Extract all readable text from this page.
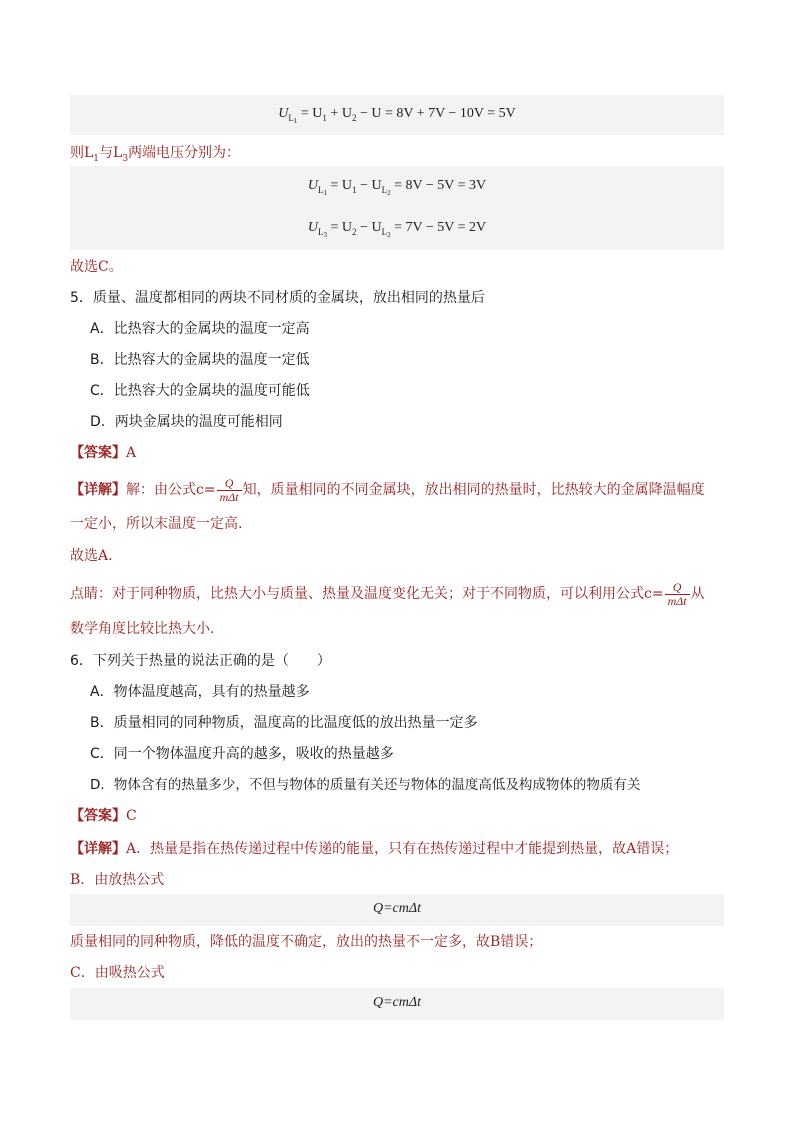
$U_{L_1} = U_1 + U_2 - U = 8V + 7V - 10V = 5V$
则$L_1$与$L_3$两端电压分别为：
$U_{L_1} = U_1 - U_{L_2} = 8V - 5V = 3V$
$U_{L_3} = U_2 - U_{L_2} = 7V - 5V = 2V$
故选C。
5．质量、温度都相同的两块不同材质的金属块，放出相同的热量后
A．比热容大的金属块的温度一定高
B．比热容大的金属块的温度一定低
C．比热容大的金属块的温度可能低
D．两块金属块的温度可能相同
【答案】A
【详解】解：由公式$c= \frac{Q}{\text{mΔt}}$ 知，质量相同的不同金属块，放出相同的热量时，比热较大的金属降温幅度
一定小，所以末温度一定高.
故选A.
点睛：对于同种物质，比热大小与质量、热量及温度变化无关；对于不同物质，可以利用公式$c= \frac{Q}{\text{mΔt}}$ 从
数学角度比较比热大小.
6．下列关于热量的说法正确的是（　　）
A．物体温度越高，具有的热量越多
B．质量相同的同种物质，温度高的比温度低的放出热量一定多
C．同一个物体温度升高的越多，吸收的热量越多
D．物体含有的热量多少，不但与物体的质量有关还与物体的温度高低及构成物体的物质有关
【答案】C
【详解】A．热量是指在热传递过程中传递的能量，只有在热传递过程中才能提到热量，故A错误；
B．由放热公式
Q=cmΔt
质量相同的同种物质，降低的温度不确定，放出的热量不一定多，故B错误；
C．由吸热公式
Q=cmΔt
